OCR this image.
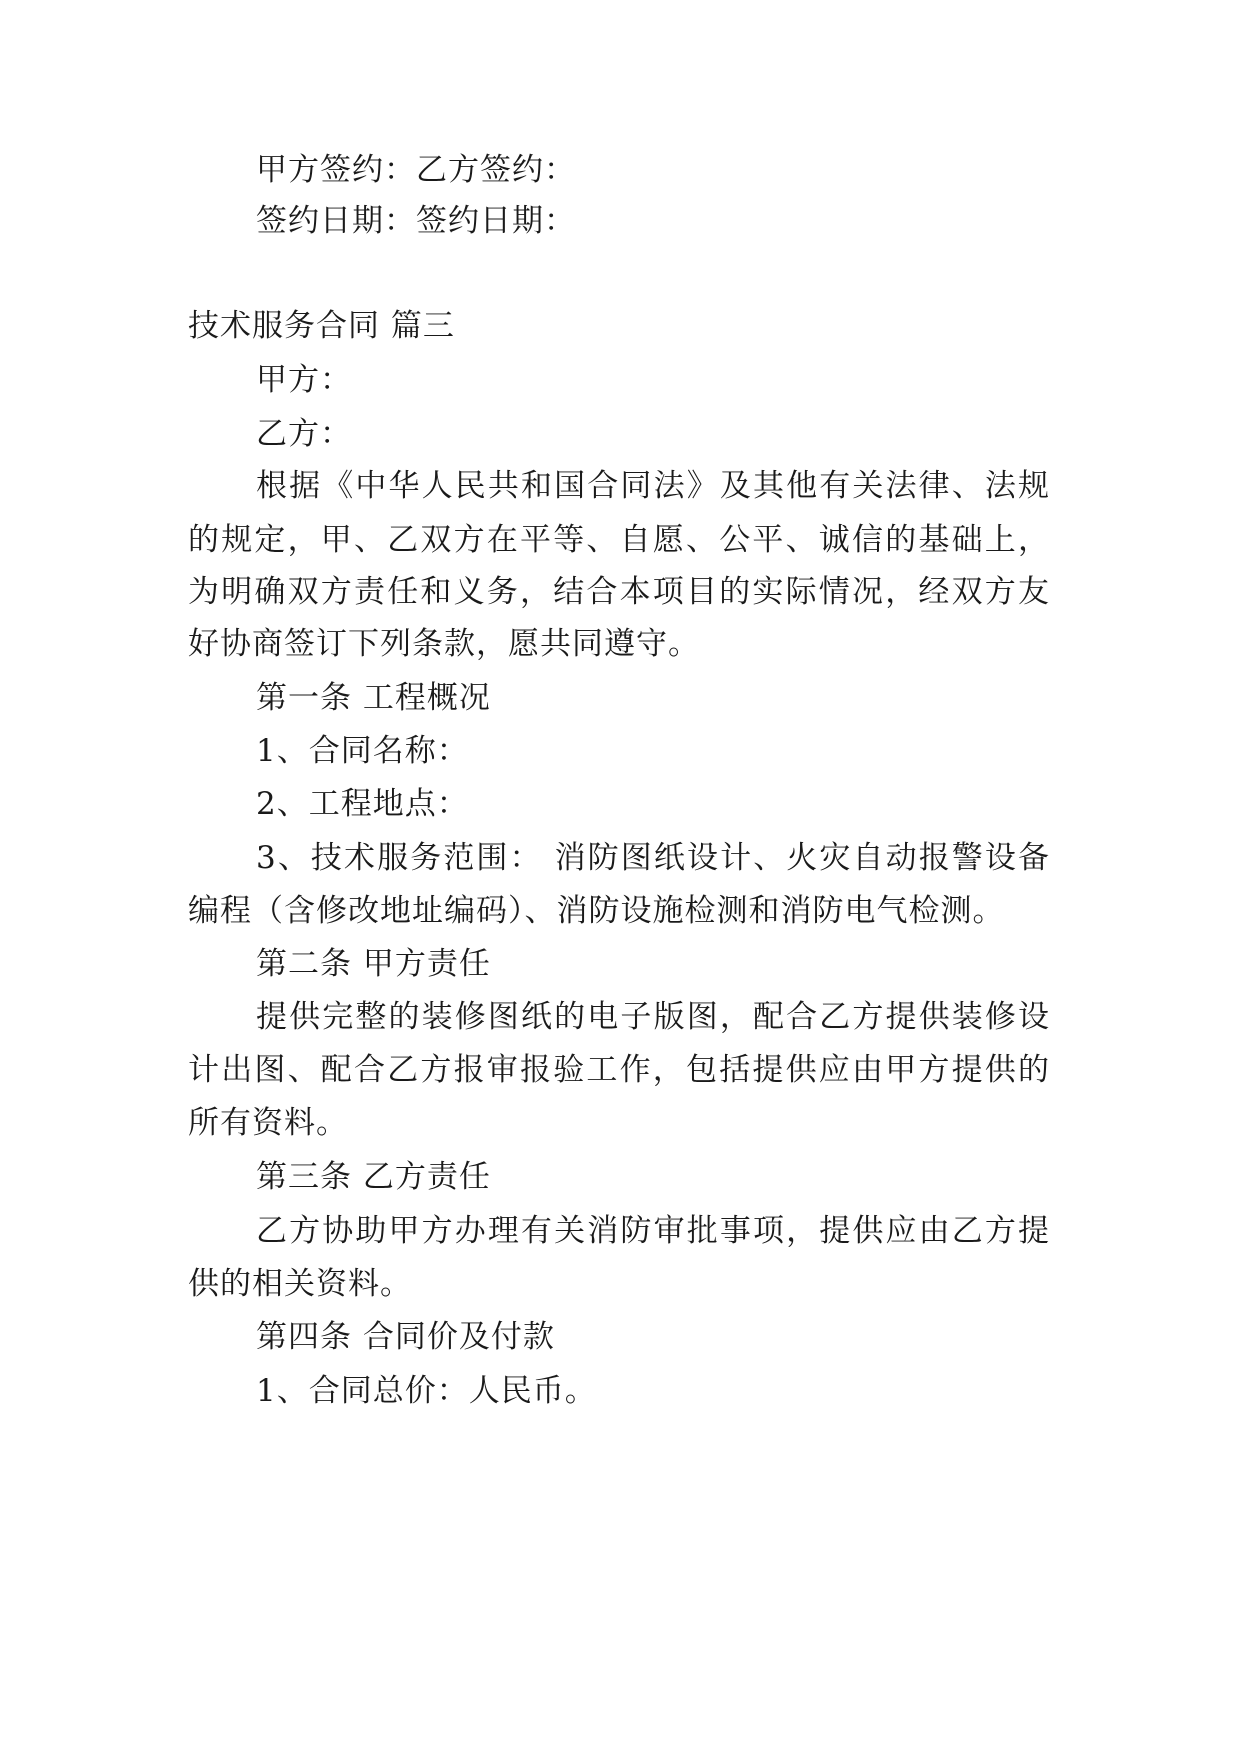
甲方签约：乙方签约：
签约日期：签约日期：
技术服务合同 篇三
甲方：
乙方：
根据《中华人民共和国合同法》及其他有关法律、法规
的规定，甲、乙双方在平等、自愿、公平、诚信的基础上，
为明确双方责任和义务，结合本项目的实际情况，经双方友
好协商签订下列条款，愿共同遵守。
第一条 工程概况
1、合同名称：
2、工程地点：
3、技术服务范围： 消防图纸设计、火灾自动报警设备
编程（含修改地址编码）、消防设施检测和消防电气检测。
第二条 甲方责任
提供完整的装修图纸的电子版图，配合乙方提供装修设
计出图、配合乙方报审报验工作，包括提供应由甲方提供的
所有资料。
第三条 乙方责任
乙方协助甲方办理有关消防审批事项，提供应由乙方提
供的相关资料。
第四条 合同价及付款
1、合同总价：人民币。
